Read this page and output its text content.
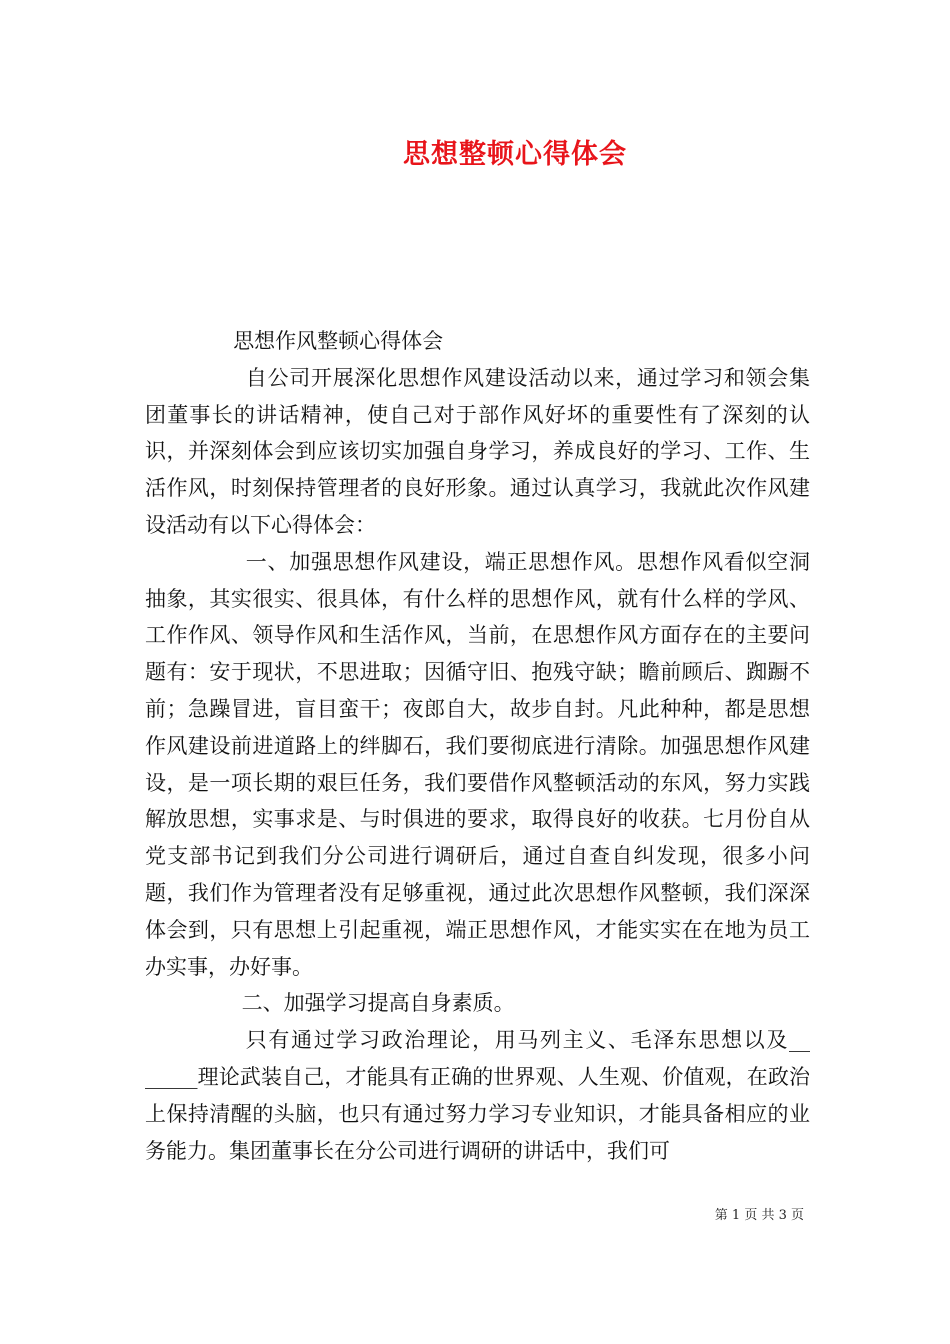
思想整顿心得体会

思想作风整顿心得体会

自公司开展深化思想作风建设活动以来，通过学习和领会集团董事长的讲话精神，使自己对于部作风好坏的重要性有了深刻的认识，并深刻体会到应该切实加强自身学习，养成良好的学习、工作、生活作风，时刻保持管理者的良好形象。通过认真学习，我就此次作风建设活动有以下心得体会：

一、加强思想作风建设，端正思想作风。思想作风看似空洞抽象，其实很实、很具体，有什么样的思想作风，就有什么样的学风、工作作风、领导作风和生活作风，当前，在思想作风方面存在的主要问题有：安于现状，不思进取；因循守旧、抱残守缺；瞻前顾后、踟蹰不前；急躁冒进，盲目蛮干；夜郎自大，故步自封。凡此种种，都是思想作风建设前进道路上的绊脚石，我们要彻底进行清除。加强思想作风建设，是一项长期的艰巨任务，我们要借作风整顿活动的东风，努力实践解放思想，实事求是、与时俱进的要求，取得良好的收获。七月份自从党支部书记到我们分公司进行调研后，通过自查自纠发现，很多小问题，我们作为管理者没有足够重视，通过此次思想作风整顿，我们深深体会到，只有思想上引起重视，端正思想作风，才能实实在在地为员工办实事，办好事。

二、加强学习提高自身素质。

只有通过学习政治理论，用马列主义、毛泽东思想以及__ _____理论武装自己，才能具有正确的世界观、人生观、价值观，在政治上保持清醒的头脑，也只有通过努力学习专业知识，才能具备相应的业务能力。集团董事长在分公司进行调研的讲话中，我们可

第 1 页 共 3 页
